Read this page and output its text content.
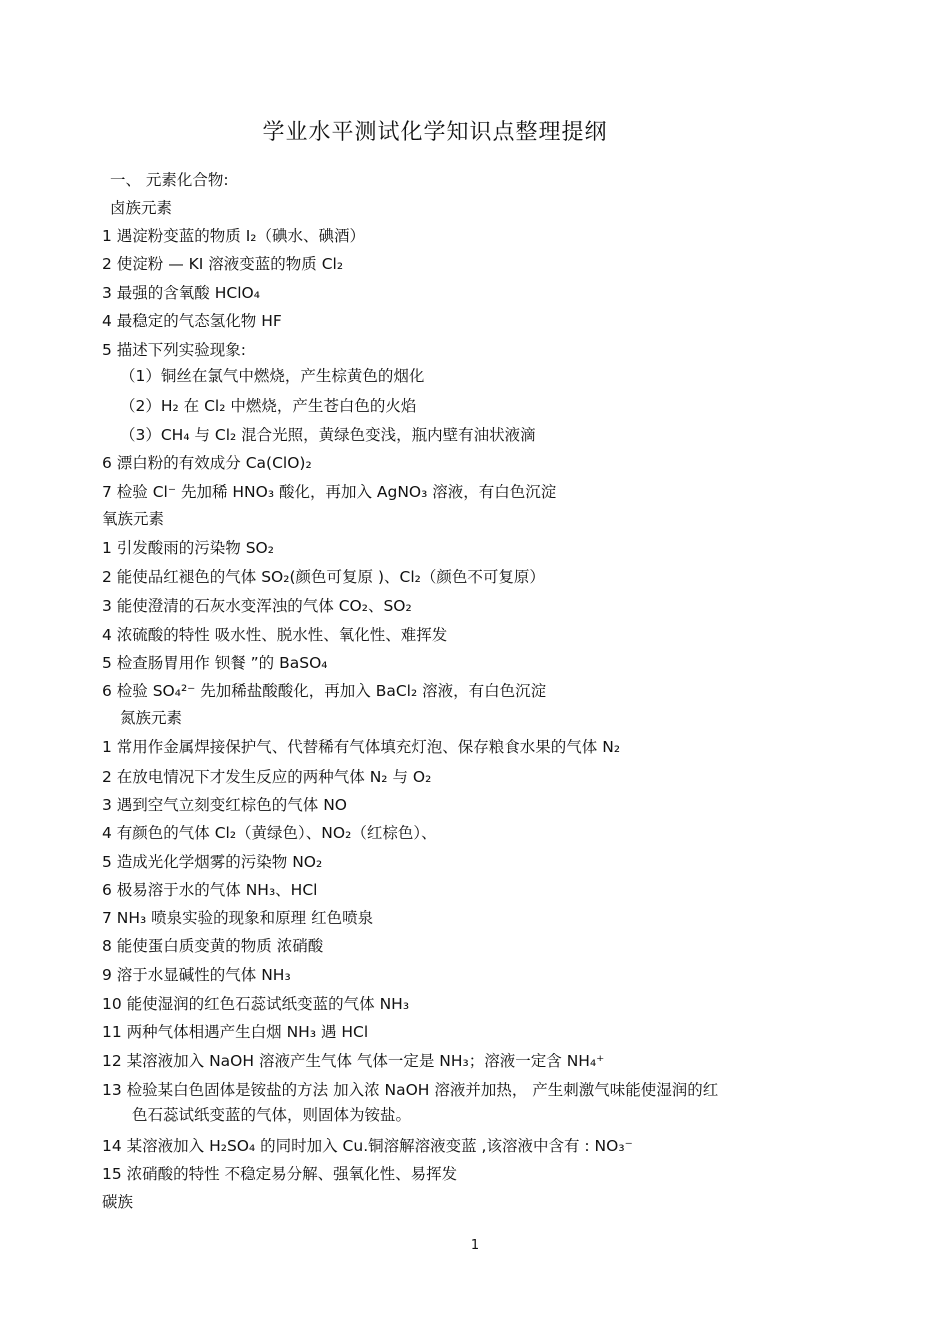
学业水平测试化学知识点整理提纲
一、 元素化合物:
卤族元素
1 遇淀粉变蓝的物质 I₂（碘水、碘酒）
2 使淀粉 — KI 溶液变蓝的物质 Cl₂
3 最强的含氧酸 HClO₄
4 最稳定的气态氢化物 HF
5 描述下列实验现象:
（1）铜丝在氯气中燃烧，产生棕黄色的烟化
（2）H₂ 在 Cl₂ 中燃烧，产生苍白色的火焰
（3）CH₄ 与 Cl₂ 混合光照，黄绿色变浅，瓶内壁有油状液滴
6 漂白粉的有效成分 Ca(ClO)₂
7 检验 Cl⁻ 先加稀 HNO₃ 酸化，再加入 AgNO₃ 溶液，有白色沉淀
氧族元素
1 引发酸雨的污染物 SO₂
2 能使品红褪色的气体 SO₂(颜色可复原 )、Cl₂（颜色不可复原）
3 能使澄清的石灰水变浑浊的气体 CO₂、SO₂
4 浓硫酸的特性 吸水性、脱水性、氧化性、难挥发
5 检查肠胃用作 钡餐 ”的 BaSO₄
6 检验 SO₄²⁻ 先加稀盐酸酸化，再加入 BaCl₂ 溶液，有白色沉淀
氮族元素
1 常用作金属焊接保护气、代替稀有气体填充灯泡、保存粮食水果的气体 N₂
2 在放电情况下才发生反应的两种气体 N₂ 与 O₂
3 遇到空气立刻变红棕色的气体 NO
4 有颜色的气体 Cl₂（黄绿色）、NO₂（红棕色）、
5 造成光化学烟雾的污染物 NO₂
6 极易溶于水的气体 NH₃、HCl
7 NH₃ 喷泉实验的现象和原理 红色喷泉
8 能使蛋白质变黄的物质 浓硝酸
9 溶于水显碱性的气体 NH₃
10 能使湿润的红色石蕊试纸变蓝的气体 NH₃
11 两种气体相遇产生白烟 NH₃ 遇 HCl
12 某溶液加入 NaOH 溶液产生气体 气体一定是 NH₃；溶液一定含 NH₄⁺
13 检验某白色固体是铵盐的方法 加入浓 NaOH 溶液并加热， 产生刺激气味能使湿润的红
色石蕊试纸变蓝的气体，则固体为铵盐。
14 某溶液加入 H₂SO₄ 的同时加入 Cu.铜溶解溶液变蓝 ,该溶液中含有 : NO₃⁻
15 浓硝酸的特性 不稳定易分解、强氧化性、易挥发
碳族
1
